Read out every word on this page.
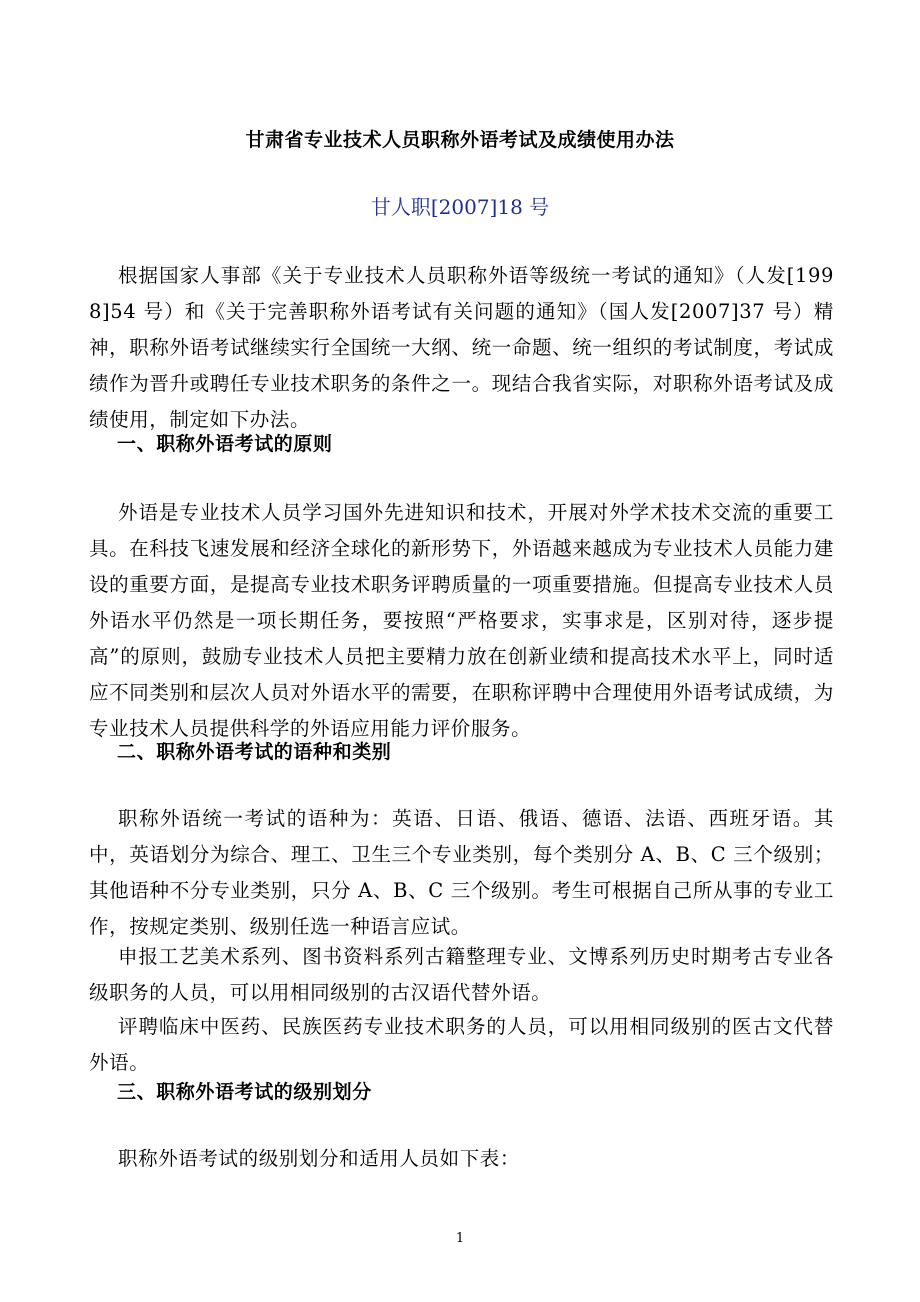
甘肃省专业技术人员职称外语考试及成绩使用办法
甘人职[2007]18 号

根据国家人事部《关于专业技术人员职称外语等级统一考试的通知》（人发[1998]54 号）和《关于完善职称外语考试有关问题的通知》（国人发[2007]37 号）精神，职称外语考试继续实行全国统一大纲、统一命题、统一组织的考试制度，考试成绩作为晋升或聘任专业技术职务的条件之一。现结合我省实际，对职称外语考试及成绩使用，制定如下办法。

一、职称外语考试的原则

外语是专业技术人员学习国外先进知识和技术，开展对外学术技术交流的重要工具。在科技飞速发展和经济全球化的新形势下，外语越来越成为专业技术人员能力建设的重要方面，是提高专业技术职务评聘质量的一项重要措施。但提高专业技术人员外语水平仍然是一项长期任务，要按照“严格要求，实事求是，区别对待，逐步提高”的原则，鼓励专业技术人员把主要精力放在创新业绩和提高技术水平上，同时适应不同类别和层次人员对外语水平的需要，在职称评聘中合理使用外语考试成绩，为专业技术人员提供科学的外语应用能力评价服务。

二、职称外语考试的语种和类别

职称外语统一考试的语种为：英语、日语、俄语、德语、法语、西班牙语。其中，英语划分为综合、理工、卫生三个专业类别，每个类别分 A、B、C 三个级别；其他语种不分专业类别，只分 A、B、C 三个级别。考生可根据自己所从事的专业工作，按规定类别、级别任选一种语言应试。

申报工艺美术系列、图书资料系列古籍整理专业、文博系列历史时期考古专业各级职务的人员，可以用相同级别的古汉语代替外语。

评聘临床中医药、民族医药专业技术职务的人员，可以用相同级别的医古文代替外语。

三、职称外语考试的级别划分

职称外语考试的级别划分和适用人员如下表：

1
